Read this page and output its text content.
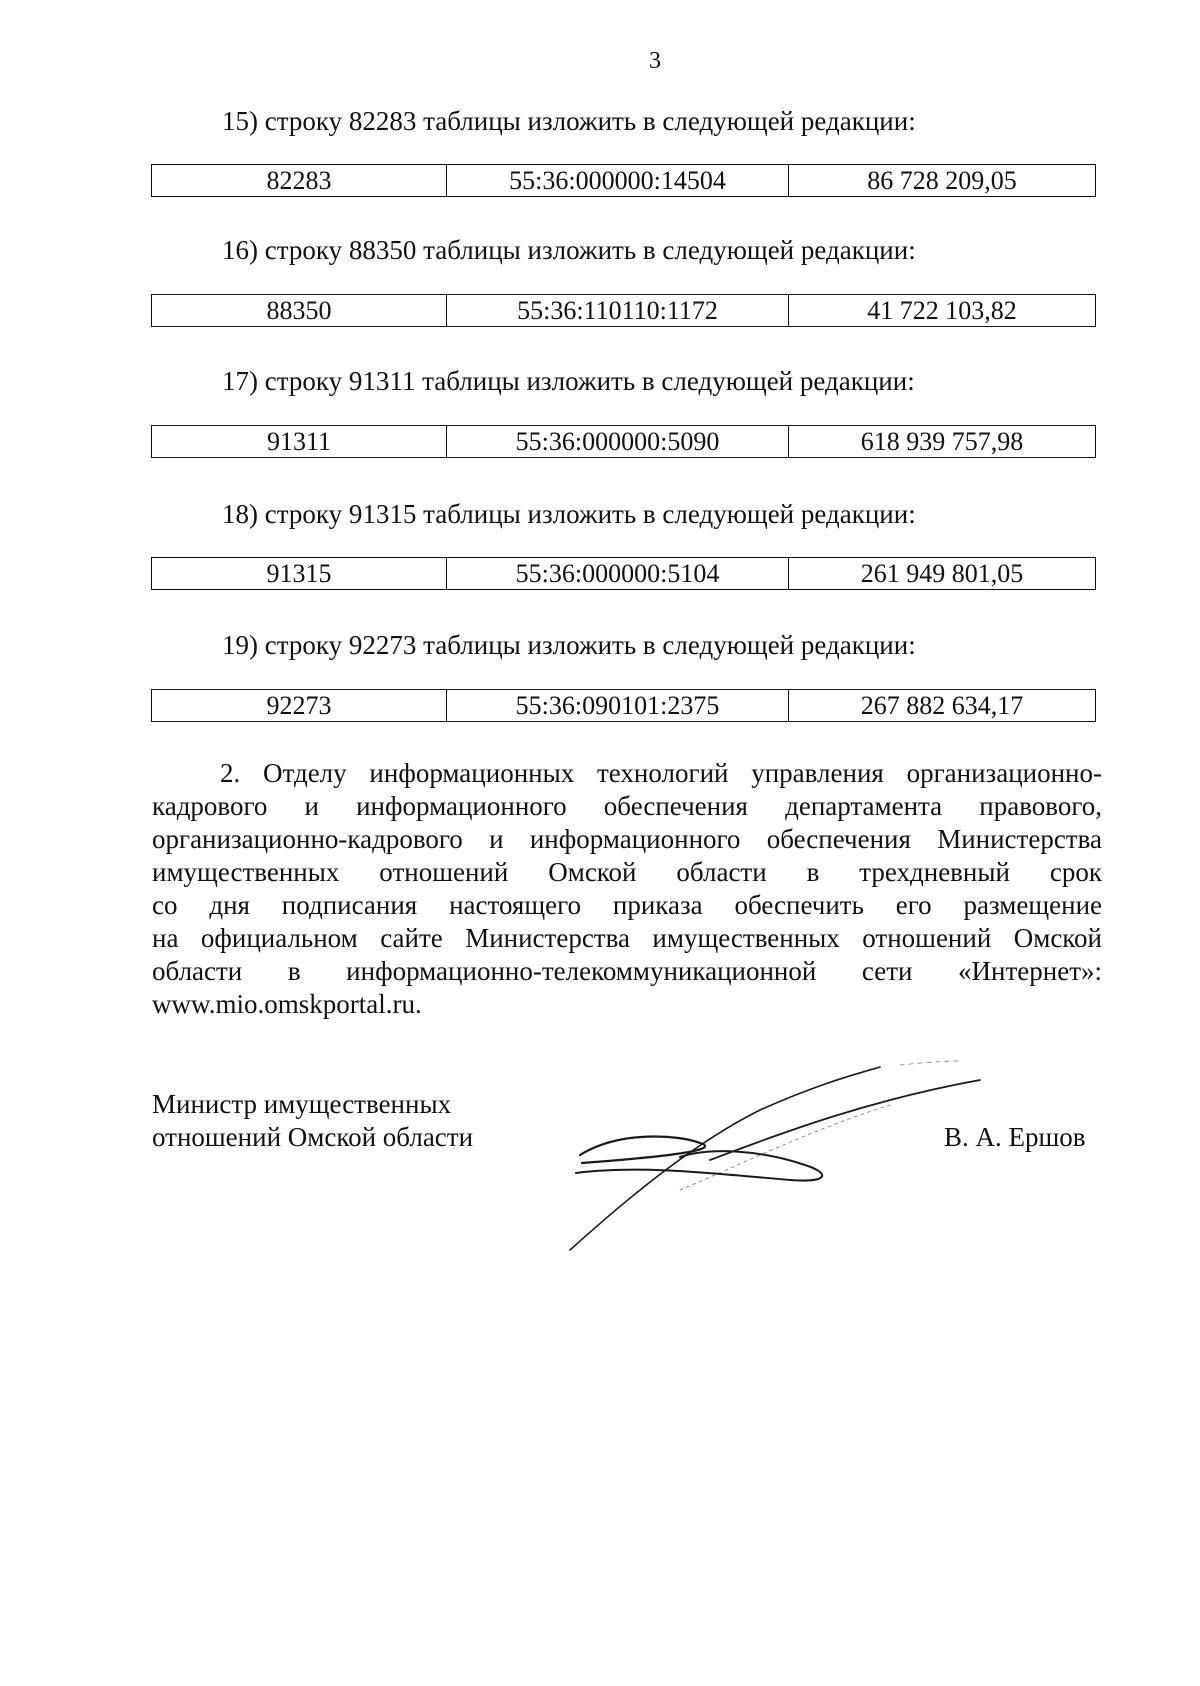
3
15) строку 82283 таблицы изложить в следующей редакции:
82283	55:36:000000:14504	86 728 209,05
16) строку 88350 таблицы изложить в следующей редакции:
88350	55:36:110110:1172	41 722 103,82
17) строку 91311 таблицы изложить в следующей редакции:
91311	55:36:000000:5090	618 939 757,98
18) строку 91315 таблицы изложить в следующей редакции:
91315	55:36:000000:5104	261 949 801,05
19) строку 92273 таблицы изложить в следующей редакции:
92273	55:36:090101:2375	267 882 634,17
2. Отделу информационных технологий управления организационно-
кадрового и информационного обеспечения департамента правового,
организационно-кадрового и информационного обеспечения Министерства
имущественных отношений Омской области в трехдневный срок
со дня подписания настоящего приказа обеспечить его размещение
на официальном сайте Министерства имущественных отношений Омской
области в информационно-телекоммуникационной сети «Интернет»:
www.mio.omskportal.ru.
Министр имущественных
отношений Омской области	В. А. Ершов
